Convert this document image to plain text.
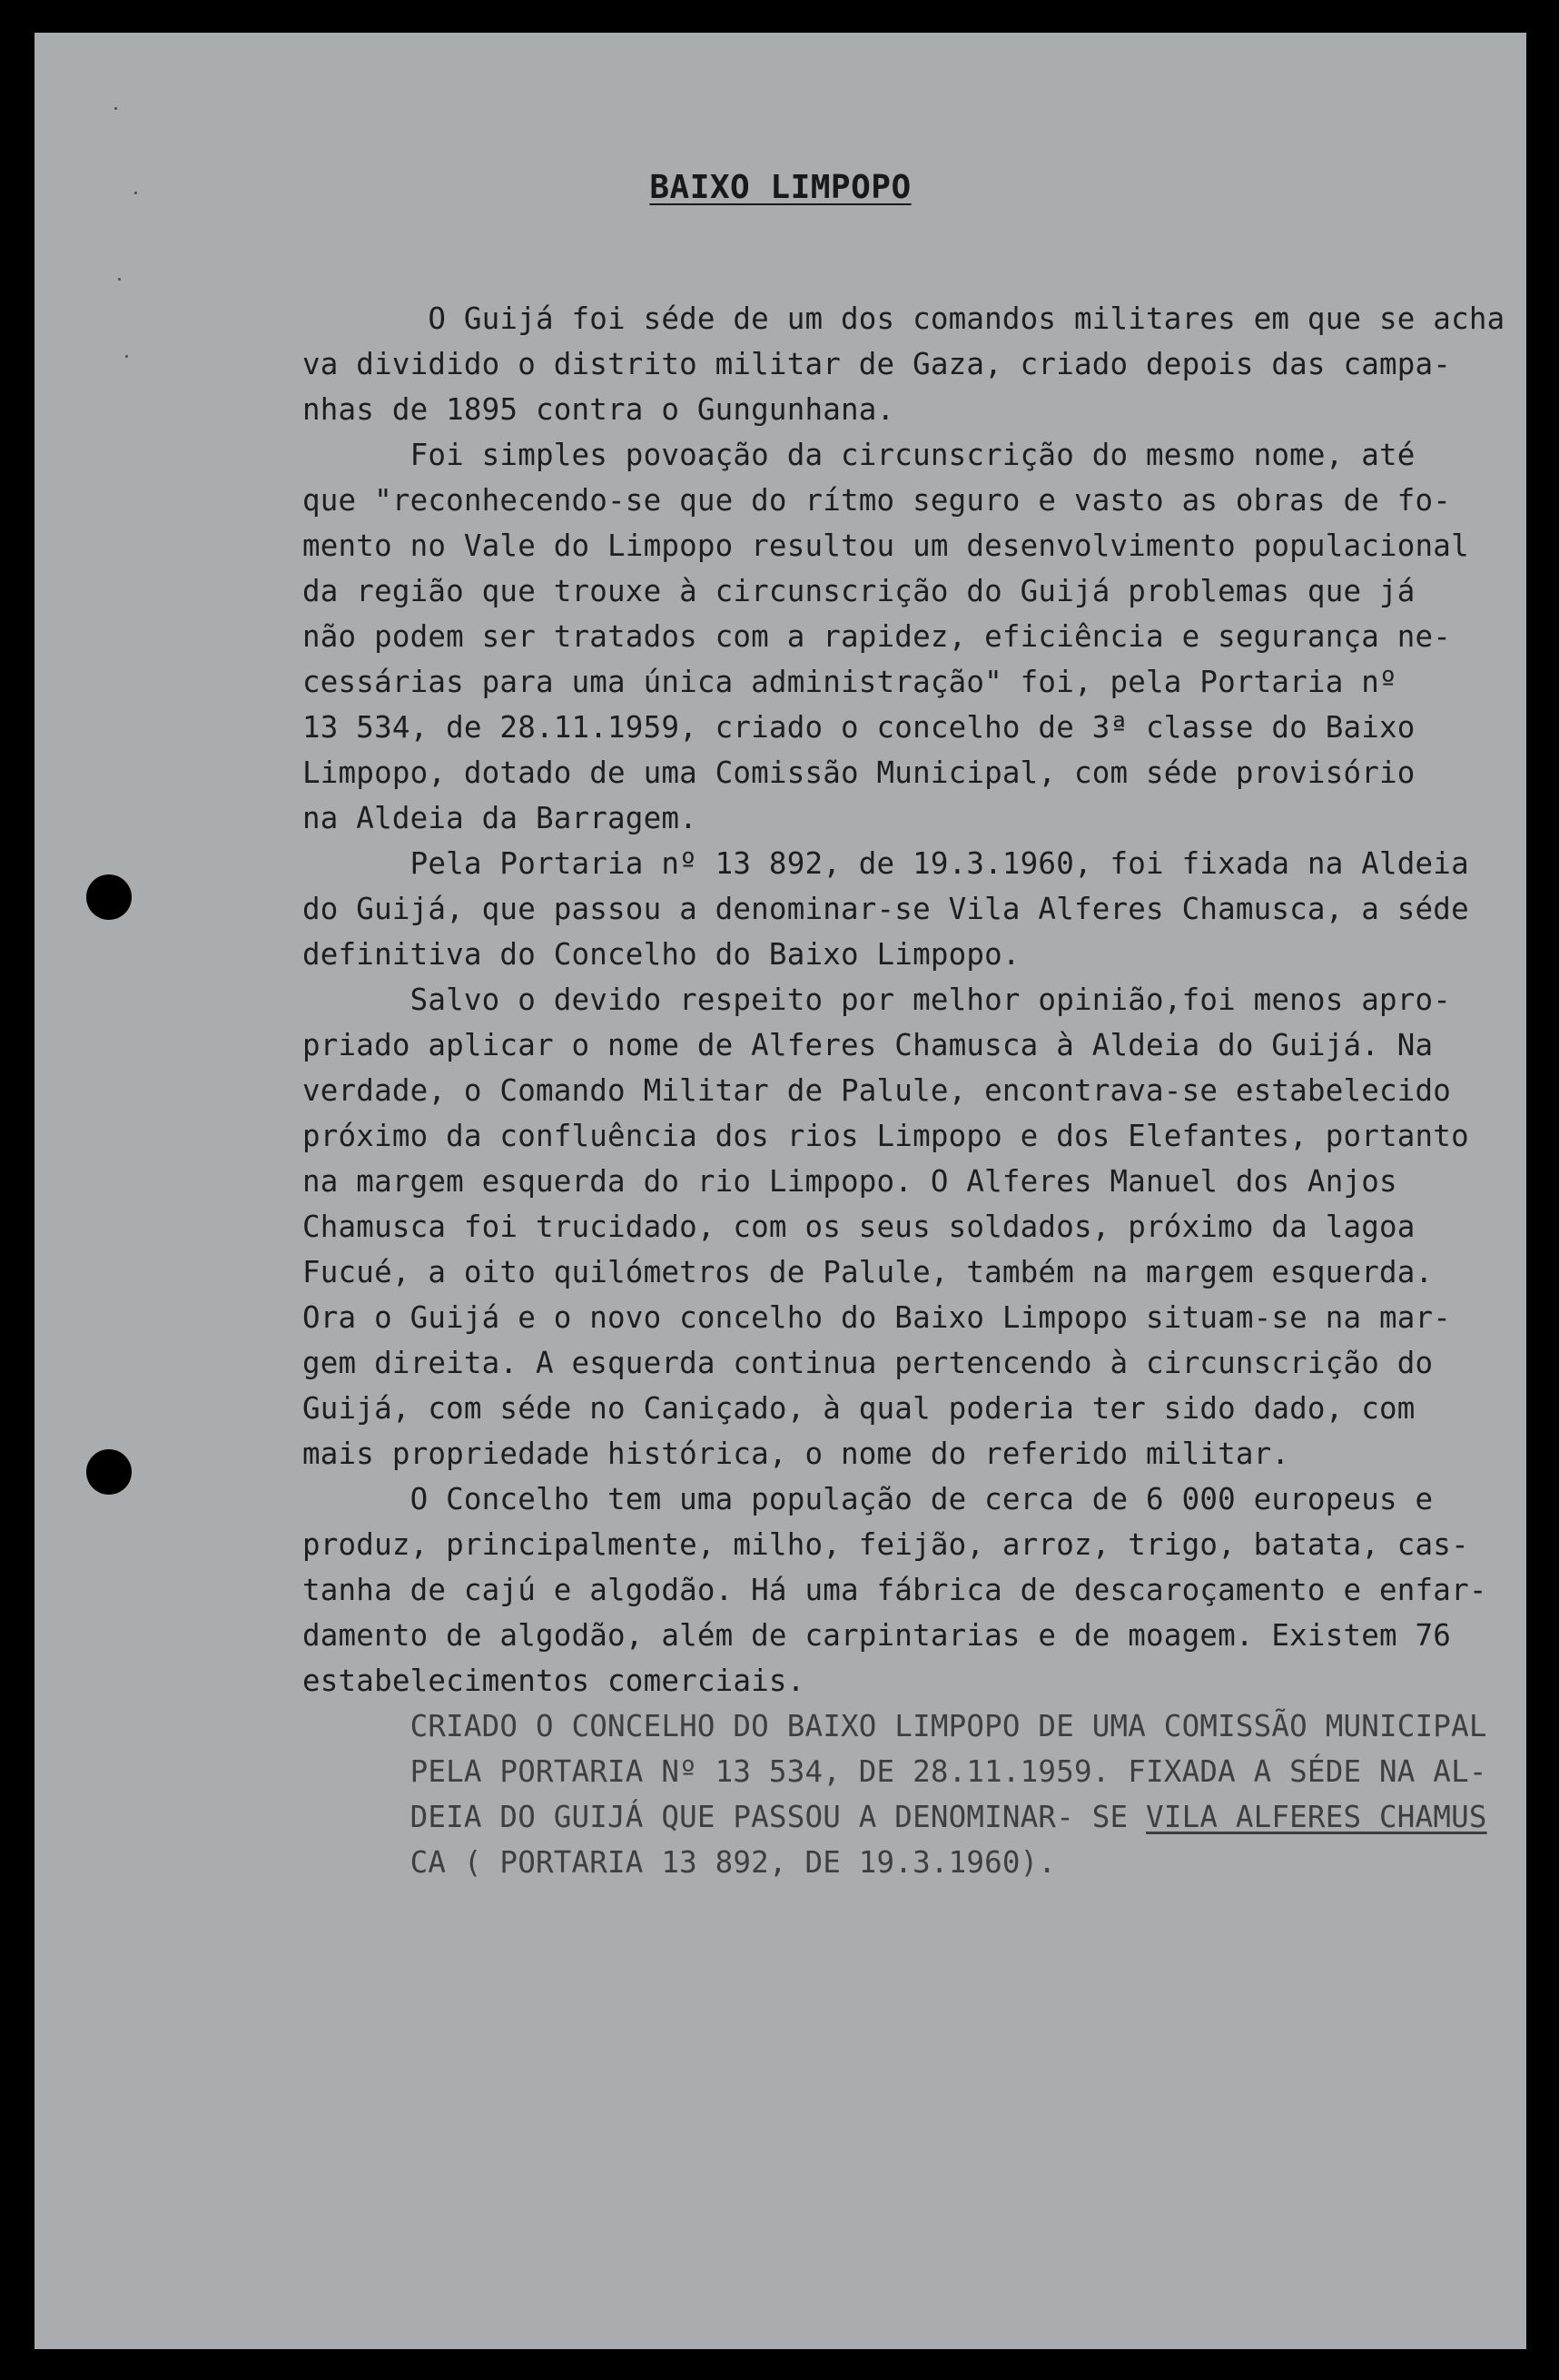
BAIXO LIMPOPO
O Guijá foi séde de um dos comandos militares em que se acha
va dividido o distrito militar de Gaza, criado depois das campa-
nhas de 1895 contra o Gungunhana.
Foi simples povoação da circunscrição do mesmo nome, até
que "reconhecendo-se que do rítmo seguro e vasto as obras de fo-
mento no Vale do Limpopo resultou um desenvolvimento populacional
da região que trouxe à circunscrição do Guijá problemas que já
não podem ser tratados com a rapidez, eficiência e segurança ne-
cessárias para uma única administração" foi, pela Portaria nº
13 534, de 28.11.1959, criado o concelho de 3ª classe do Baixo
Limpopo, dotado de uma Comissão Municipal, com séde provisório
na Aldeia da Barragem.
Pela Portaria nº 13 892, de 19.3.1960, foi fixada na Aldeia
do Guijá, que passou a denominar-se Vila Alferes Chamusca, a séde
definitiva do Concelho do Baixo Limpopo.
Salvo o devido respeito por melhor opinião,foi menos apro-
priado aplicar o nome de Alferes Chamusca à Aldeia do Guijá. Na
verdade, o Comando Militar de Palule, encontrava-se estabelecido
próximo da confluência dos rios Limpopo e dos Elefantes, portanto
na margem esquerda do rio Limpopo. O Alferes Manuel dos Anjos
Chamusca foi trucidado, com os seus soldados, próximo da lagoa
Fucué, a oito quilómetros de Palule, também na margem esquerda.
Ora o Guijá e o novo concelho do Baixo Limpopo situam-se na mar-
gem direita. A esquerda continua pertencendo à circunscrição do
Guijá, com séde no Caniçado, à qual poderia ter sido dado, com
mais propriedade histórica, o nome do referido militar.
O Concelho tem uma população de cerca de 6 000 europeus e
produz, principalmente, milho, feijão, arroz, trigo, batata, cas-
tanha de cajú e algodão. Há uma fábrica de descaroçamento e enfar-
damento de algodão, além de carpintarias e de moagem. Existem 76
estabelecimentos comerciais.
CRIADO O CONCELHO DO BAIXO LIMPOPO DE UMA COMISSÃO MUNICIPAL
PELA PORTARIA Nº 13 534, DE 28.11.1959. FIXADA A SÉDE NA AL-
DEIA DO GUIJÁ QUE PASSOU A DENOMINAR- SE VILA ALFERES CHAMUS
CA ( PORTARIA 13 892, DE 19.3.1960).
